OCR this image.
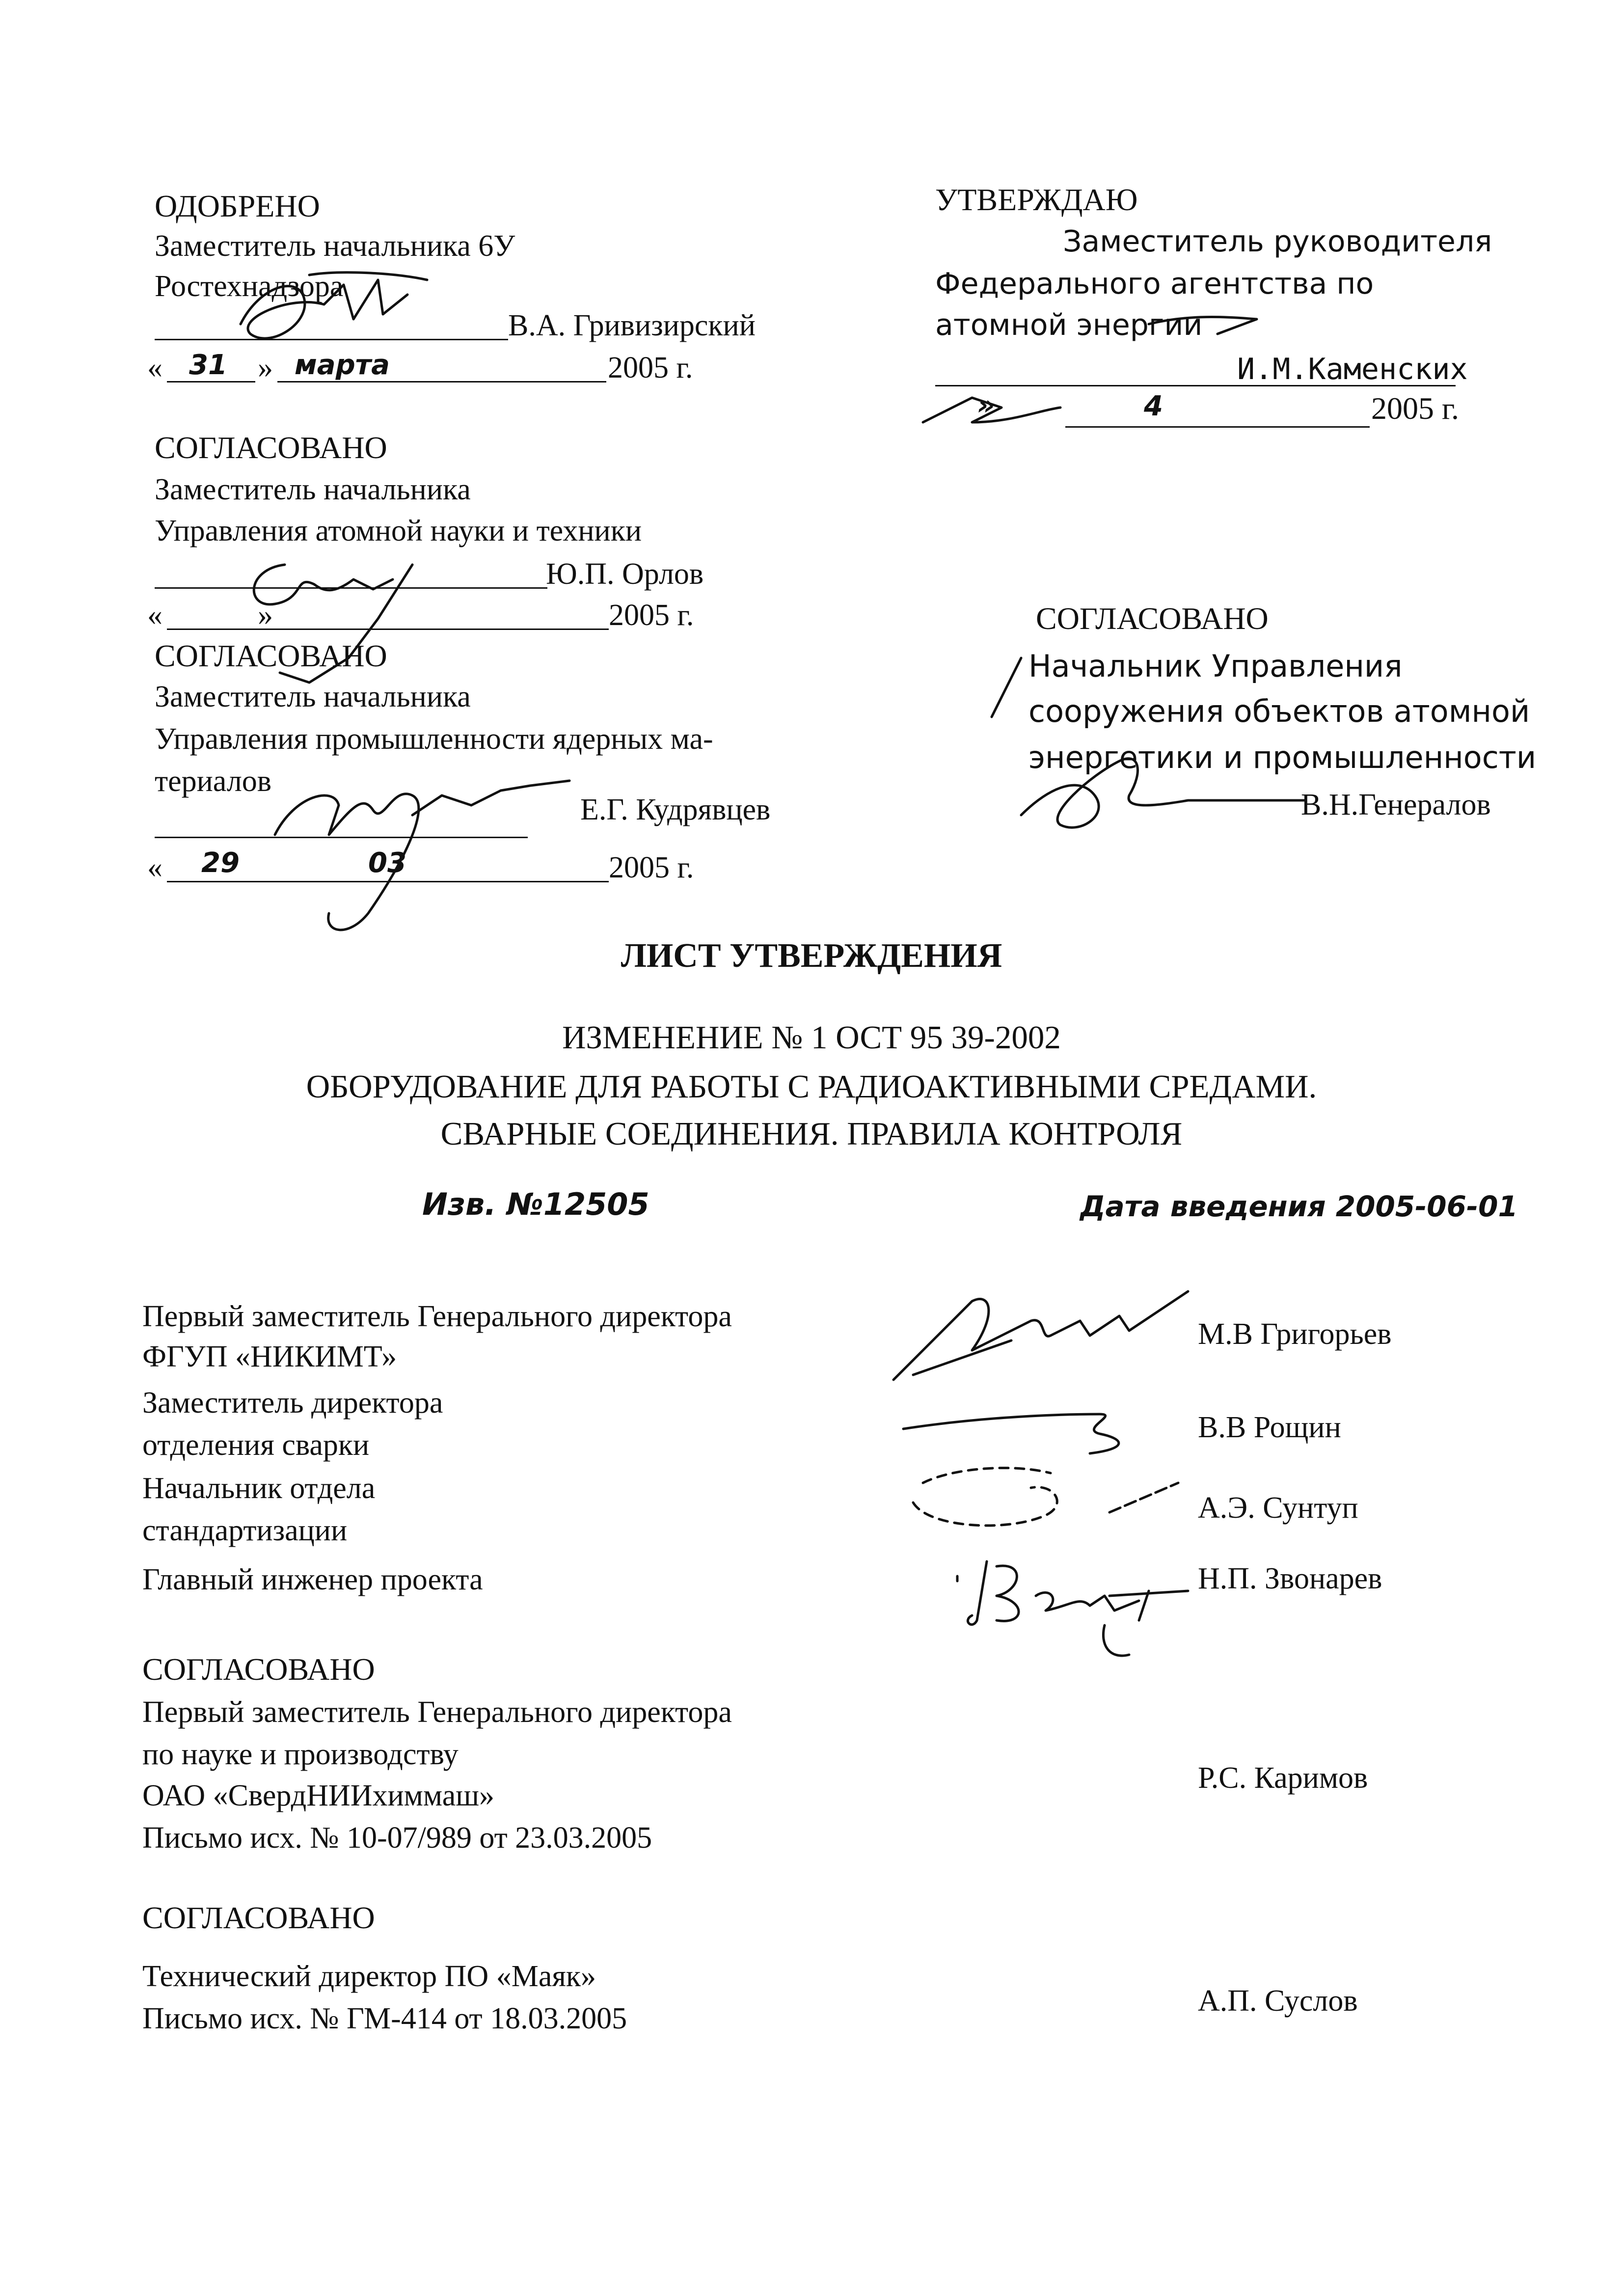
ОДОБРЕНО
Заместитель начальника 6У
Ростехнадзора
В.А. Гривизирский
« 31 » марта	2005 г.
УТВЕРЖДАЮ
Заместитель руководителя
Федерального агентства по
атомной энергии
И.М.Каменских
»	4	2005 г.
СОГЛАСОВАНО
Заместитель начальника
Управления атомной науки и техники
Ю.П. Орлов
«	»	2005 г.
СОГЛАСОВАНО
Заместитель начальника
Управления промышленности ядерных ма-
териалов
Е.Г. Кудрявцев
« 29	03	2005 г.
СОГЛАСОВАНО
Начальник Управления
сооружения объектов атомной
энергетики и промышленности
В.Н.Генералов
ЛИСТ УТВЕРЖДЕНИЯ
ИЗМЕНЕНИЕ № 1 ОСТ 95 39-2002
ОБОРУДОВАНИЕ ДЛЯ РАБОТЫ С РАДИОАКТИВНЫМИ СРЕДАМИ.
СВАРНЫЕ СОЕДИНЕНИЯ. ПРАВИЛА КОНТРОЛЯ
Изв. №12505	Дата введения 2005-06-01
Первый заместитель Генерального директора
ФГУП «НИКИМТ»
М.В Григорьев
Заместитель директора
отделения сварки
В.В Рощин
Начальник отдела
стандартизации
А.Э. Сунтуп
Главный инженер проекта	Н.П. Звонарев
СОГЛАСОВАНО
Первый заместитель Генерального директора
по науке и производству
ОАО «СвердНИИхиммаш»
Письмо исх. № 10-07/989 от 23.03.2005
Р.С. Каримов
СОГЛАСОВАНО
Технический директор ПО «Маяк»
Письмо исх. № ГМ-414 от 18.03.2005
А.П. Суслов
